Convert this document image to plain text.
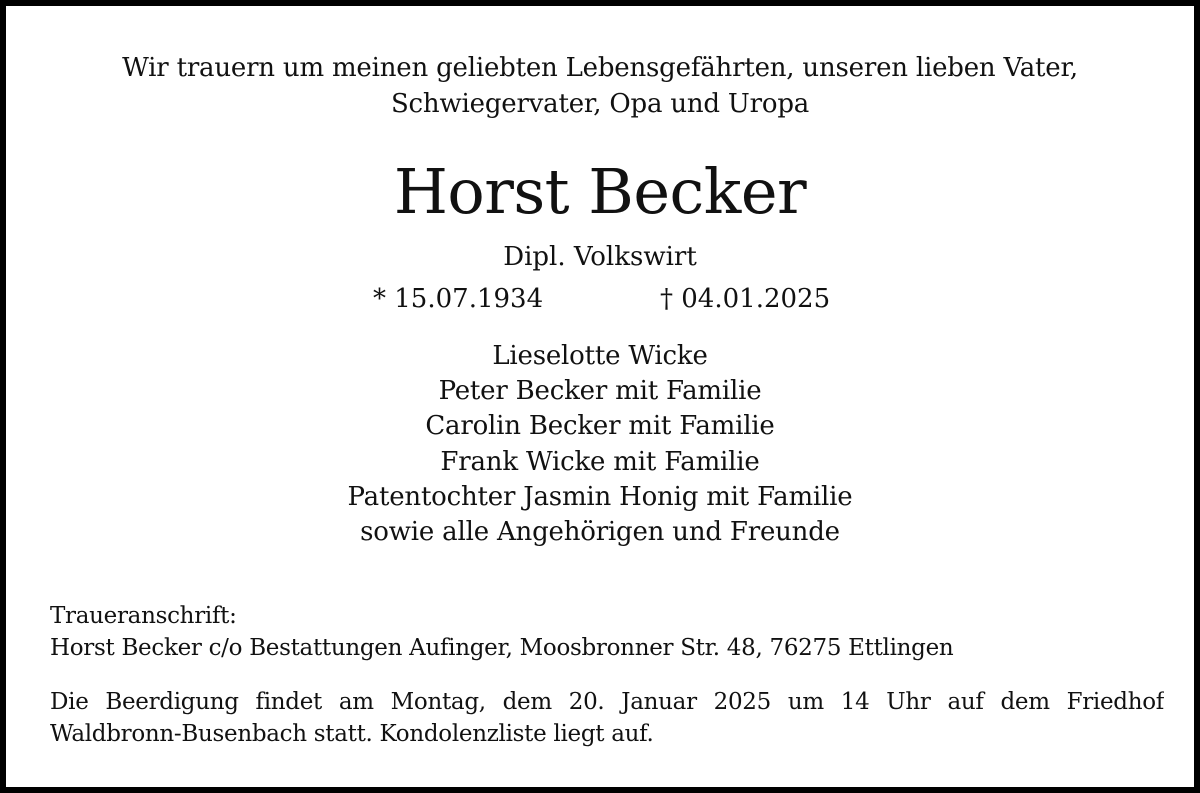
Wir trauern um meinen geliebten Lebensgefährten, unseren lieben Vater,
Schwiegervater, Opa und Uropa
Horst Becker
Dipl. Volkswirt
* 15.07.1934	† 04.01.2025
Lieselotte Wicke
Peter Becker mit Familie
Carolin Becker mit Familie
Frank Wicke mit Familie
Patentochter Jasmin Honig mit Familie
sowie alle Angehörigen und Freunde
Traueranschrift:
Horst Becker c/o Bestattungen Aufinger, Moosbronner Str. 48, 76275 Ettlingen
Die Beerdigung findet am Montag, dem 20. Januar 2025 um 14 Uhr auf dem Friedhof
Waldbronn-Busenbach statt. Kondolenzliste liegt auf.
